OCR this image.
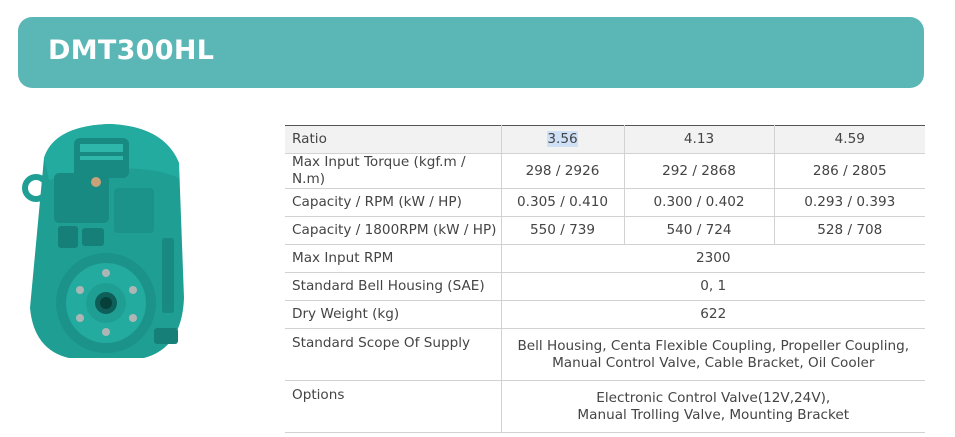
DMT300HL
Ratio	3.56	4.13	4.59
Max Input Torque (kgf.m / N.m)	298 / 2926	292 / 2868	286 / 2805
Capacity / RPM (kW / HP)	0.305 / 0.410	0.300 / 0.402	0.293 / 0.393
Capacity / 1800RPM (kW / HP)	550 / 739	540 / 724	528 / 708
Max Input RPM	2300		
Standard Bell Housing (SAE)	0, 1		
Dry Weight (kg)	622		
Standard Scope Of Supply	Bell Housing, Centa Flexible Coupling, Propeller Coupling,
Manual Control Valve, Cable Bracket, Oil Cooler		

Options	Electronic Control Valve(12V,24V),
Manual Trolling Valve, Mounting Bracket		
